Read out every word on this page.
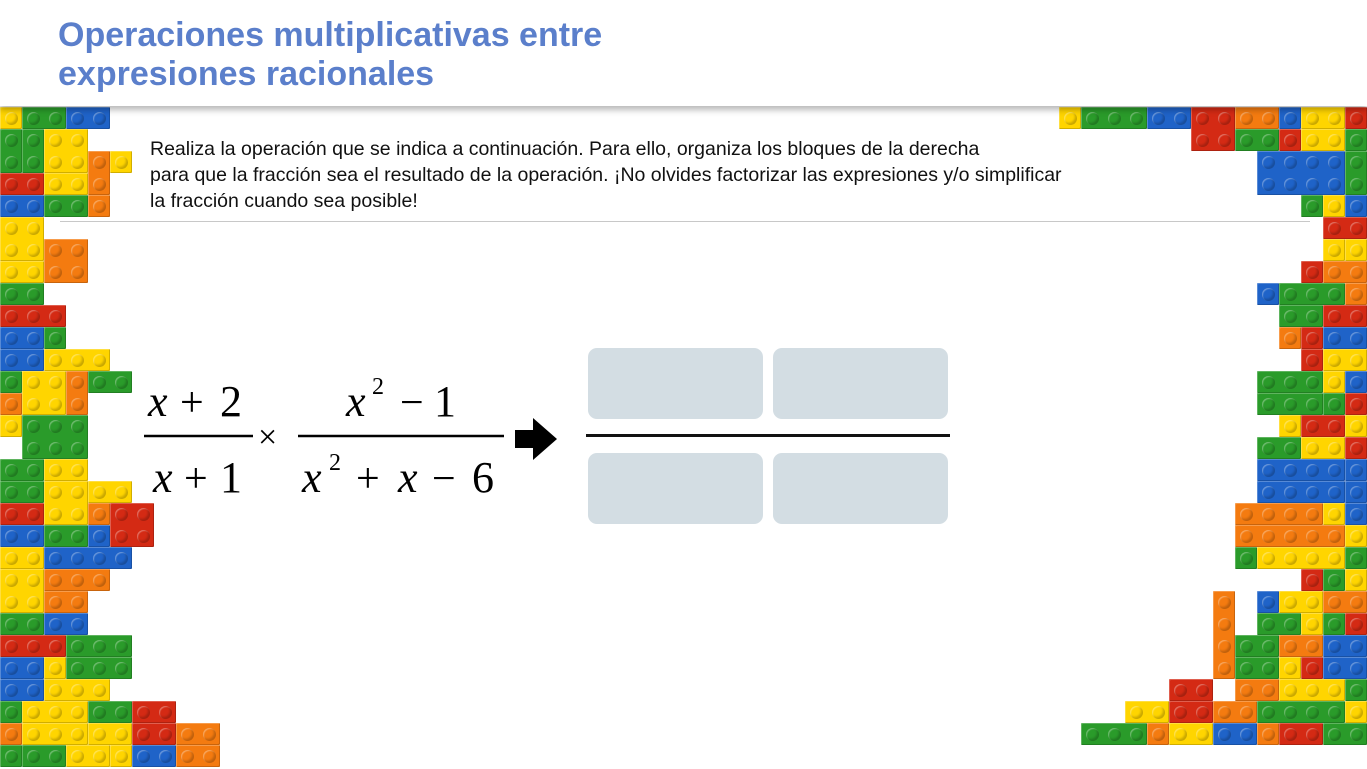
Operaciones multiplicativas entre
expresiones racionales
Realiza la operación que se indica a continuación. Para ello, organiza los bloques de la derecha
para que la fracción sea el resultado de la operación. ¡No olvides factorizar las expresiones y/o simplificar
la fracción cuando sea posible!
x + 2
x + 1
×
x 2 − 1
x 2 + x − 6
